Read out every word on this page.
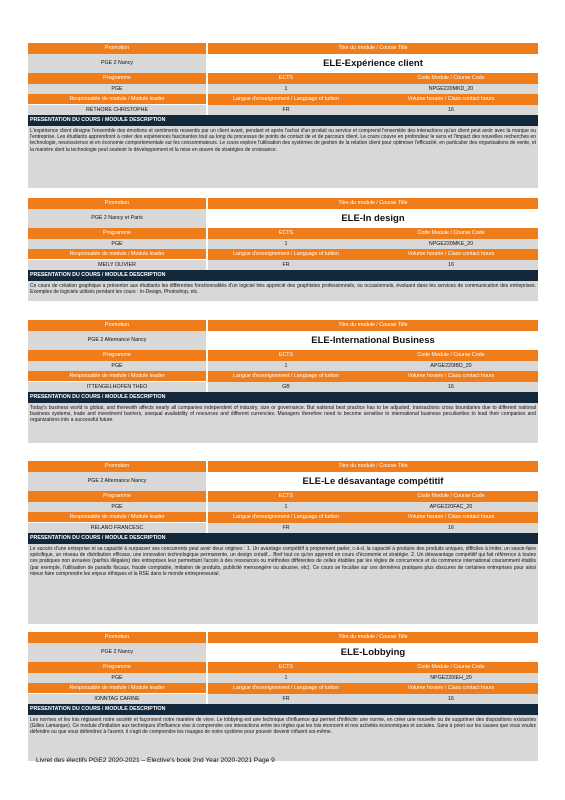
Promotion	Titre du module / Course Title
PGE 2 Nancy	ELE-Expérience client
Programme	ECTS	Code Module / Course Code
PGE	1	NPGE220MKD_20
Responsable de module / Module leader	Langue d'enseignement / Language of tuition	Volume horaire / Class contact hours
RETHORE CHRISTOPHE	FR	16
PRESENTATION DU COURS / MODULE DESCRIPTION
L'expérience client désigne l'ensemble des émotions et sentiments ressentis par un client avant, pendant et après l'achat d'un produit ou service et comprend l'ensemble des interactions qu'un client peut avoir avec la marque ou l'entreprise. Les étudiants apprendront à créer des expériences fascinantes tout au long du processus de points de contact de et de parcours client. Le cours couvre en profondeur le sens et l'impact des nouvelles recherches en technologie, neuroscience et en économie comportementale sur les consommateurs. Le cours explore l'utilisation des systèmes de gestion de la relation client pour optimiser l'efficacité, en particulier des organisations de vente, et la manière dont la technologie peut soutenir le développement et la mise en œuvre de stratégies de croissance.
Promotion	Titre du module / Course Title
PGE 2 Nancy et Paris	ELE-In design
Programme	ECTS	Code Module / Course Code
PGE	1	NPGE220MKE_20
Responsable de module / Module leader	Langue d'enseignement / Language of tuition	Volume horaire / Class contact hours
MEILY OLIVIER	FR	16
PRESENTATION DU COURS / MODULE DESCRIPTION
Ce cours de création graphique a présenter aux étudiants les différentes fonctionnalités d'un logiciel très apprécié des graphistes professionnels, ou occasionnels, évoluant dans les services de communication des entreprises. Exemples de logiciels utilisés pendant les cours : In-Design, Photoshop, etc.
Promotion	Titre du module / Course Title
PGE 2 Alternance Nancy	ELE-International Business
Programme	ECTS	Code Module / Course Code
PGE	1	APGE220IBD_20
Responsable de module / Module leader	Langue d'enseignement / Language of tuition	Volume horaire / Class contact hours
ITTENGELHOFEN THEO	GB	16
PRESENTATION DU COURS / MODULE DESCRIPTION
Today's business world is global, and therewith affects nearly all companies independent of industry, size or governance. But national best practice has to be adjusted, transactions cross boundaries due to different national business systems, trade and investment barriers, unequal availability of resources and different currencies. Managers therefore need to become sensitive to international business peculiarities to lead their companies and organizations into a successful future.
Promotion	Titre du module / Course Title
PGE 2 Alternance Nancy	ELE-Le désavantage compétitif
Programme	ECTS	Code Module / Course Code
PGE	1	APGE220FAC_20
Responsable de module / Module leader	Langue d'enseignement / Language of tuition	Volume horaire / Class contact hours
RELANO FRANCESC	FR	16
PRESENTATION DU COURS / MODULE DESCRIPTION
Le succès d'une entreprise et sa capacité à surpasser ses concurrents peut avoir deux origines : 1. Un avantage compétitif à proprement parler, c-à-d. la capacité à produire des produits uniques, difficiles à imiter, un savoir-faire spécifique, un réseau de distribution efficace, une innovation technologique permanente, un design créatif... Bref tout ce qu'on apprend en cours d'économie et stratégie. 2. Un désavantage compétitif qui fait référence à toutes ces pratiques non avouées (parfois illégales) des entreprises leur permettant l'accès à des ressources ou méthodes différentes de celles établies par les règles de concurrence et du commerce international couramment établis (par exemple, l'utilisation de paradis fiscaux, fraude comptable, imitation de produits, publicité mensongère ou abusive, etc). Ce cours se focalise sur ces dernières pratiques plus obscures de certaines entreprises pour ainsi mieux faire comprendre les enjeux éthiques et la RSE dans le monde entrepreneurial.
Promotion	Titre du module / Course Title
PGE 2 Nancy	ELE-Lobbying
Programme	ECTS	Code Module / Course Code
PGE	1	NPGE220IEH_20
Responsable de module / Module leader	Langue d'enseignement / Language of tuition	Volume horaire / Class contact hours
IONNTAG CARINE	FR	16
PRESENTATION DU COURS / MODULE DESCRIPTION
Les normes et les lois régissent notre société et façonnent notre manière de vivre. Le lobbying est une technique d'influence qui permet d'infléchir une norme, en créer une nouvelle ou de supprimer des dispositions existantes (Gilles Lamarque). Ce module d'initiation aux techniques d'influence vise à comprendre ces interactions entre les règles que les lois énoncent et nos activités économiques et sociales. Sans à priori sur les causes que vous voulez défendre ou que vous défendrez à l'avenir, il s'agit de comprendre les rouages de notre système pour pouvoir devenir influent soi-même.
Livret des électifs PGE2 2020-2021 – Elective's book 2nd Year 2020-2021 Page 9
